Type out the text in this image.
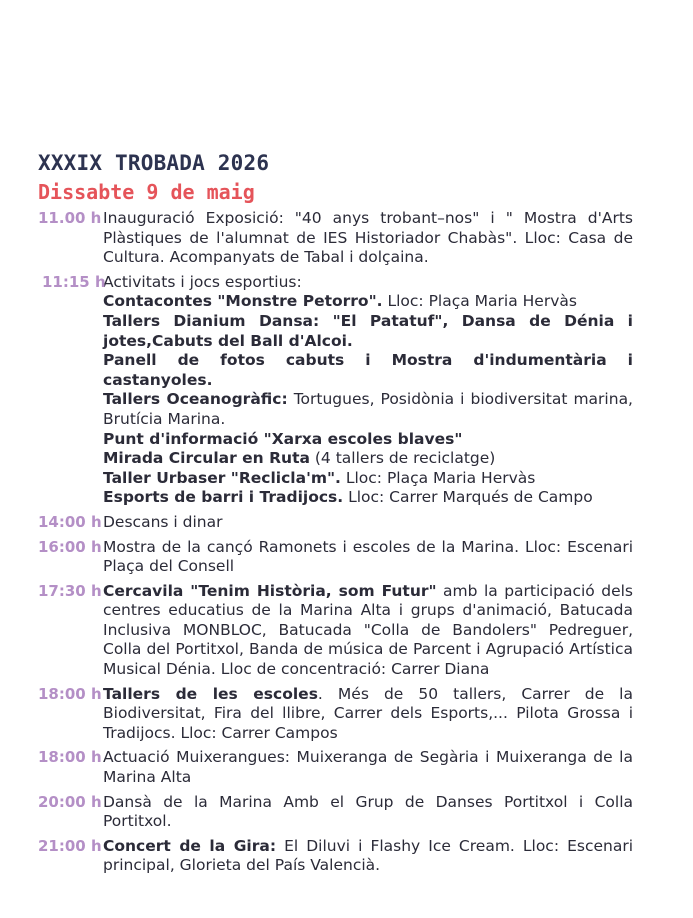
XXXIX TROBADA 2026
Dissabte 9 de maig
11.00 h Inauguració Exposició: "40 anys trobant–nos" i " Mostra d'Arts Plàstiques de l'alumnat de IES Historiador Chabàs". Lloc: Casa de Cultura. Acompanyats de Tabal i dolçaina.
11:15 h
Activitats i jocs esportius:
Contacontes "Monstre Petorro". Lloc: Plaça Maria Hervàs
Tallers Dianium Dansa: "El Patatuf", Dansa de Dénia i jotes,Cabuts del Ball d'Alcoi.
Panell de fotos cabuts i Mostra d'indumentària i castanyoles.
Tallers Oceanogràfic: Tortugues, Posidònia i biodiversitat marina, Brutícia Marina.
Punt d'informació "Xarxa escoles blaves"
Mirada Circular en Ruta (4 tallers de reciclatge)
Taller Urbaser "Reclicla'm". Lloc: Plaça Maria Hervàs
Esports de barri i Tradijocs. Lloc: Carrer Marqués de Campo
14:00 h Descans i dinar
16:00 h Mostra de la cançó Ramonets i escoles de la Marina. Lloc: Escenari Plaça del Consell
17:30 h Cercavila "Tenim Història, som Futur" amb la participació dels centres educatius de la Marina Alta i grups d'animació, Batucada Inclusiva MONBLOC, Batucada "Colla de Bandolers" Pedreguer, Colla del Portitxol, Banda de música de Parcent i Agrupació Artística Musical Dénia. Lloc de concentració: Carrer Diana
18:00 h Tallers de les escoles. Més de 50 tallers, Carrer de la Biodiversitat, Fira del llibre, Carrer dels Esports,... Pilota Grossa i Tradijocs. Lloc: Carrer Campos
18:00 h Actuació Muixerangues: Muixeranga de Segària i Muixeranga de la Marina Alta
20:00 h Dansà de la Marina Amb el Grup de Danses Portitxol i Colla Portitxol.
21:00 h Concert de la Gira: El Diluvi i Flashy Ice Cream. Lloc: Escenari principal, Glorieta del País Valencià.
